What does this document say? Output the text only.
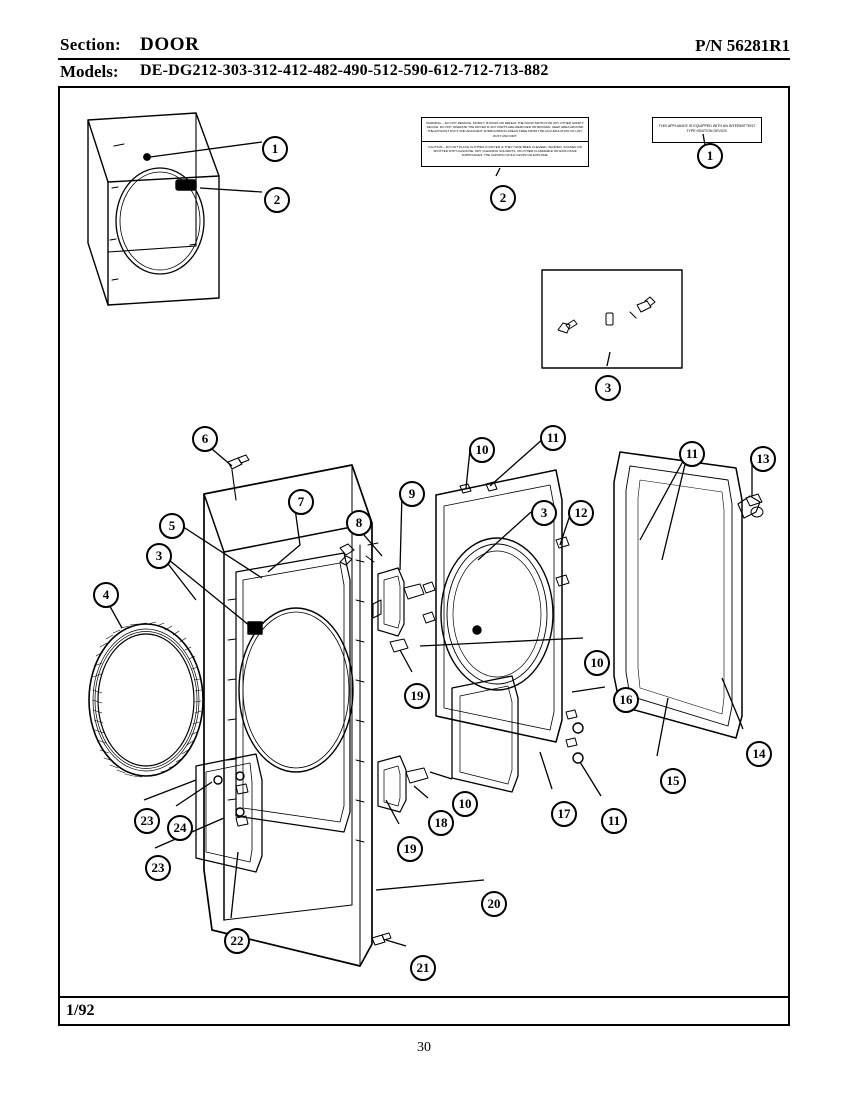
Section: DOOR	P/N 56281R1
Models: DE-DG212-303-312-412-482-490-512-590-612-712-713-882
1/92
30
WARNING— DO NOT REMOVE, MODIFY, BYPASS OR DEFEAT THE DOOR SWITCH OR ANY OTHER SAFETY DEVICE. DO NOT OPERATE THE DRYER IF ANY PARTS ARE REMOVED OR BROKEN. KEEP AREA AROUND THE EXHAUST DUCT AND ADJACENT SURROUNDING AREAS FREE FROM THE ACCUMULATION OF LINT, DUST AND DIRT.
CAUTION— DO NOT PLACE CLOTHES IN DRYER IF THEY HAVE BEEN CLEANED, WASHED, SOAKED OR SPOTTED WITH GASOLINE, DRY CLEANING SOLVENTS, OR OTHER FLAMMABLE OR EXPLOSIVE SUBSTANCES. THE VAPORS COULD IGNITE OR EXPLODE.
THIS APPLIANCE IS EQUIPPED WITH AN INTERMITTENT TYPE IGNITION DEVICE.
1
2	2
1
3
6
10
11
11	13
7
9
3	12
8
5
3
4
10
16
19
14
15
10
18
17	11
23	24
19
23
20
22
21
